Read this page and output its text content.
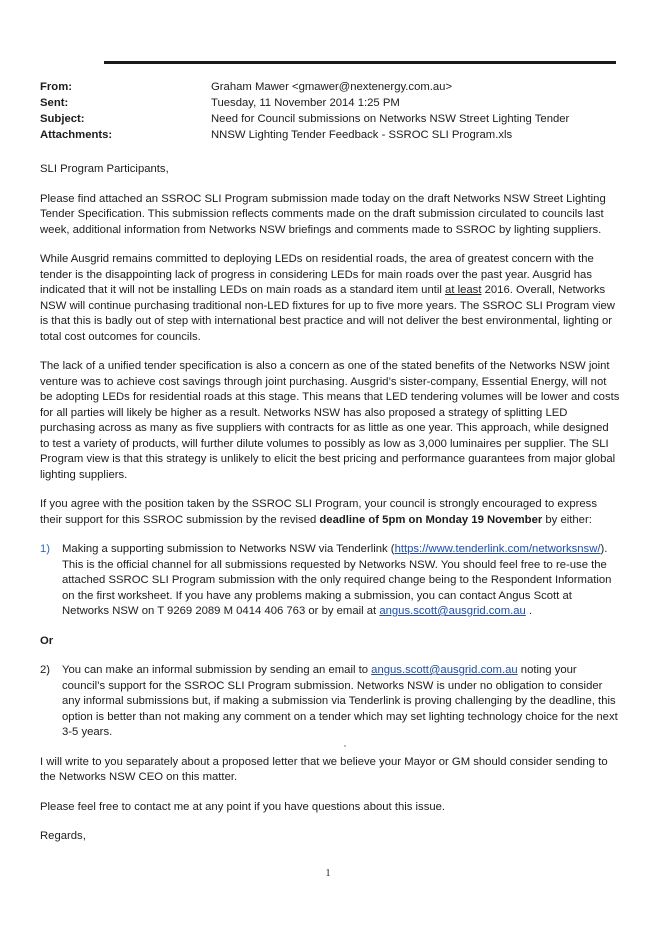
From:	Graham Mawer <gmawer@nextenergy.com.au>
Sent:	Tuesday, 11 November 2014 1:25 PM
Subject:	Need for Council submissions on Networks NSW Street Lighting Tender
Attachments:	NNSW Lighting Tender Feedback - SSROC SLI Program.xls

SLI Program Participants,

Please find attached an SSROC SLI Program submission made today on the draft Networks NSW Street Lighting Tender Specification. This submission reflects comments made on the draft submission circulated to councils last week, additional information from Networks NSW briefings and comments made to SSROC by lighting suppliers.

While Ausgrid remains committed to deploying LEDs on residential roads, the area of greatest concern with the tender is the disappointing lack of progress in considering LEDs for main roads over the past year. Ausgrid has indicated that it will not be installing LEDs on main roads as a standard item until at least 2016. Overall, Networks NSW will continue purchasing traditional non-LED fixtures for up to five more years. The SSROC SLI Program view is that this is badly out of step with international best practice and will not deliver the best environmental, lighting or total cost outcomes for councils.

The lack of a unified tender specification is also a concern as one of the stated benefits of the Networks NSW joint venture was to achieve cost savings through joint purchasing. Ausgrid’s sister-company, Essential Energy, will not be adopting LEDs for residential roads at this stage. This means that LED tendering volumes will be lower and costs for all parties will likely be higher as a result. Networks NSW has also proposed a strategy of splitting LED purchasing across as many as five suppliers with contracts for as little as one year. This approach, while designed to test a variety of products, will further dilute volumes to possibly as low as 3,000 luminaires per supplier. The SLI Program view is that this strategy is unlikely to elicit the best pricing and performance guarantees from major global lighting suppliers.

If you agree with the position taken by the SSROC SLI Program, your council is strongly encouraged to express their support for this SSROC submission by the revised deadline of 5pm on Monday 19 November by either:

1)	Making a supporting submission to Networks NSW via Tenderlink (https://www.tenderlink.com/networksnsw/). This is the official channel for all submissions requested by Networks NSW. You should feel free to re-use the attached SSROC SLI Program submission with the only required change being to the Respondent Information on the first worksheet. If you have any problems making a submission, you can contact Angus Scott at Networks NSW on T 9269 2089 M 0414 406 763 or by email at angus.scott@ausgrid.com.au .

Or

2)	You can make an informal submission by sending an email to angus.scott@ausgrid.com.au noting your council’s support for the SSROC SLI Program submission. Networks NSW is under no obligation to consider any informal submissions but, if making a submission via Tenderlink is proving challenging by the deadline, this option is better than not making any comment on a tender which may set lighting technology choice for the next 3-5 years.

I will write to you separately about a proposed letter that we believe your Mayor or GM should consider sending to the Networks NSW CEO on this matter.

Please feel free to contact me at any point if you have questions about this issue.

Regards,

1
